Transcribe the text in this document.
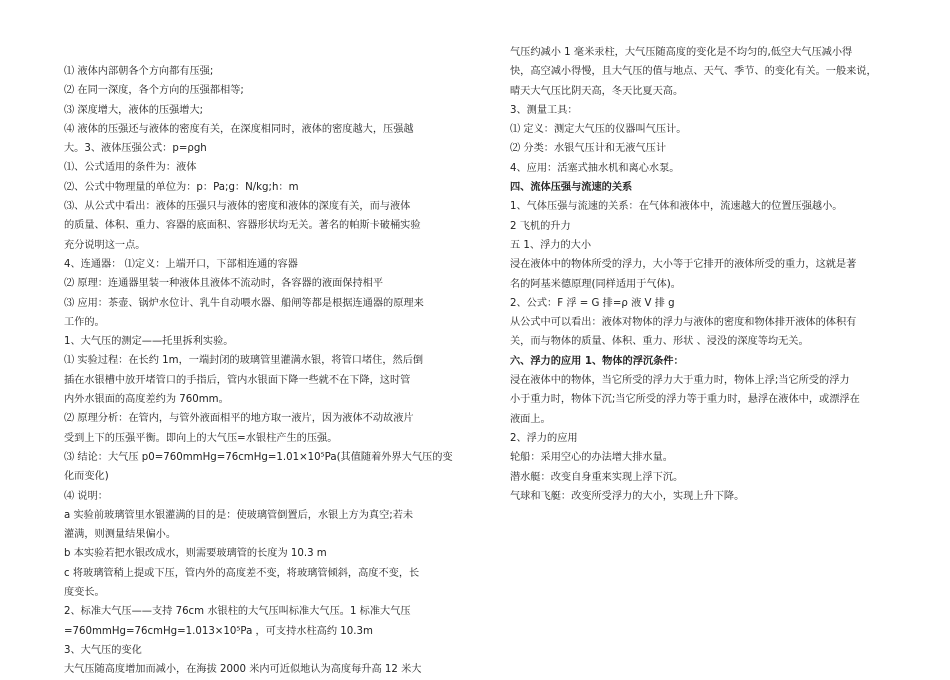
⑴ 液体内部朝各个方向都有压强;
⑵ 在同一深度，各个方向的压强都相等;
⑶ 深度增大，液体的压强增大;
⑷ 液体的压强还与液体的密度有关，在深度相同时，液体的密度越大，压强越
大。3、液体压强公式：p=ρgh
⑴、公式适用的条件为：液体
⑵、公式中物理量的单位为：p：Pa;g：N/kg;h：m
⑶、从公式中看出：液体的压强只与液体的密度和液体的深度有关，而与液体
的质量、体积、重力、容器的底面积、容器形状均无关。著名的帕斯卡破桶实验
充分说明这一点。
4、连通器： ⑴定义：上端开口，下部相连通的容器
⑵ 原理：连通器里装一种液体且液体不流动时，各容器的液面保持相平
⑶ 应用：茶壶、锅炉水位计、乳牛自动喂水器、船闸等都是根据连通器的原理来
工作的。
1、大气压的测定——托里拆利实验。
⑴ 实验过程：在长约 1m，一端封闭的玻璃管里灌满水银，将管口堵住，然后倒
插在水银槽中放开堵管口的手指后，管内水银面下降一些就不在下降，这时管
内外水银面的高度差约为 760mm。
⑵ 原理分析：在管内，与管外液面相平的地方取一液片，因为液体不动故液片
受到上下的压强平衡。即向上的大气压=水银柱产生的压强。
⑶ 结论：大气压 p0=760mmHg=76cmHg=1.01×10⁵Pa(其值随着外界大气压的变
化而变化)
⑷ 说明：
a 实验前玻璃管里水银灌满的目的是：使玻璃管倒置后，水银上方为真空;若未
灌满，则测量结果偏小。
b 本实验若把水银改成水，则需要玻璃管的长度为 10.3 m
c 将玻璃管稍上提或下压，管内外的高度差不变，将玻璃管倾斜，高度不变，长
度变长。
2、标准大气压——支持 76cm 水银柱的大气压叫标准大气压。1 标准大气压
=760mmHg=76cmHg=1.013×10⁵Pa ，可支持水柱高约 10.3m
3、大气压的变化
大气压随高度增加而减小，在海拔 2000 米内可近似地认为高度每升高 12 米大
气压约减小 1 毫米汞柱，大气压随高度的变化是不均匀的,低空大气压减小得
快，高空减小得慢，且大气压的值与地点、天气、季节、的变化有关。一般来说，
晴天大气压比阴天高，冬天比夏天高。
3、测量工具：
⑴ 定义：测定大气压的仪器叫气压计。
⑵ 分类：水银气压计和无液气压计
4、应用：活塞式抽水机和离心水泵。
四、流体压强与流速的关系
1、气体压强与流速的关系：在气体和液体中，流速越大的位置压强越小。
2 飞机的升力
五 1、浮力的大小
浸在液体中的物体所受的浮力，大小等于它排开的液体所受的重力，这就是著
名的阿基米德原理(同样适用于气体)。
2、公式：F 浮 = G 排=ρ 液 V 排 g
从公式中可以看出：液体对物体的浮力与液体的密度和物体排开液体的体积有
关，而与物体的质量、体积、重力、形状 、浸没的深度等均无关。
六、浮力的应用 1、物体的浮沉条件：
浸在液体中的物体，当它所受的浮力大于重力时，物体上浮;当它所受的浮力
小于重力时，物体下沉;当它所受的浮力等于重力时，悬浮在液体中，或漂浮在
液面上。
2、浮力的应用
轮船：采用空心的办法增大排水量。
潜水艇：改变自身重来实现上浮下沉。
气球和飞艇：改变所受浮力的大小，实现上升下降。
